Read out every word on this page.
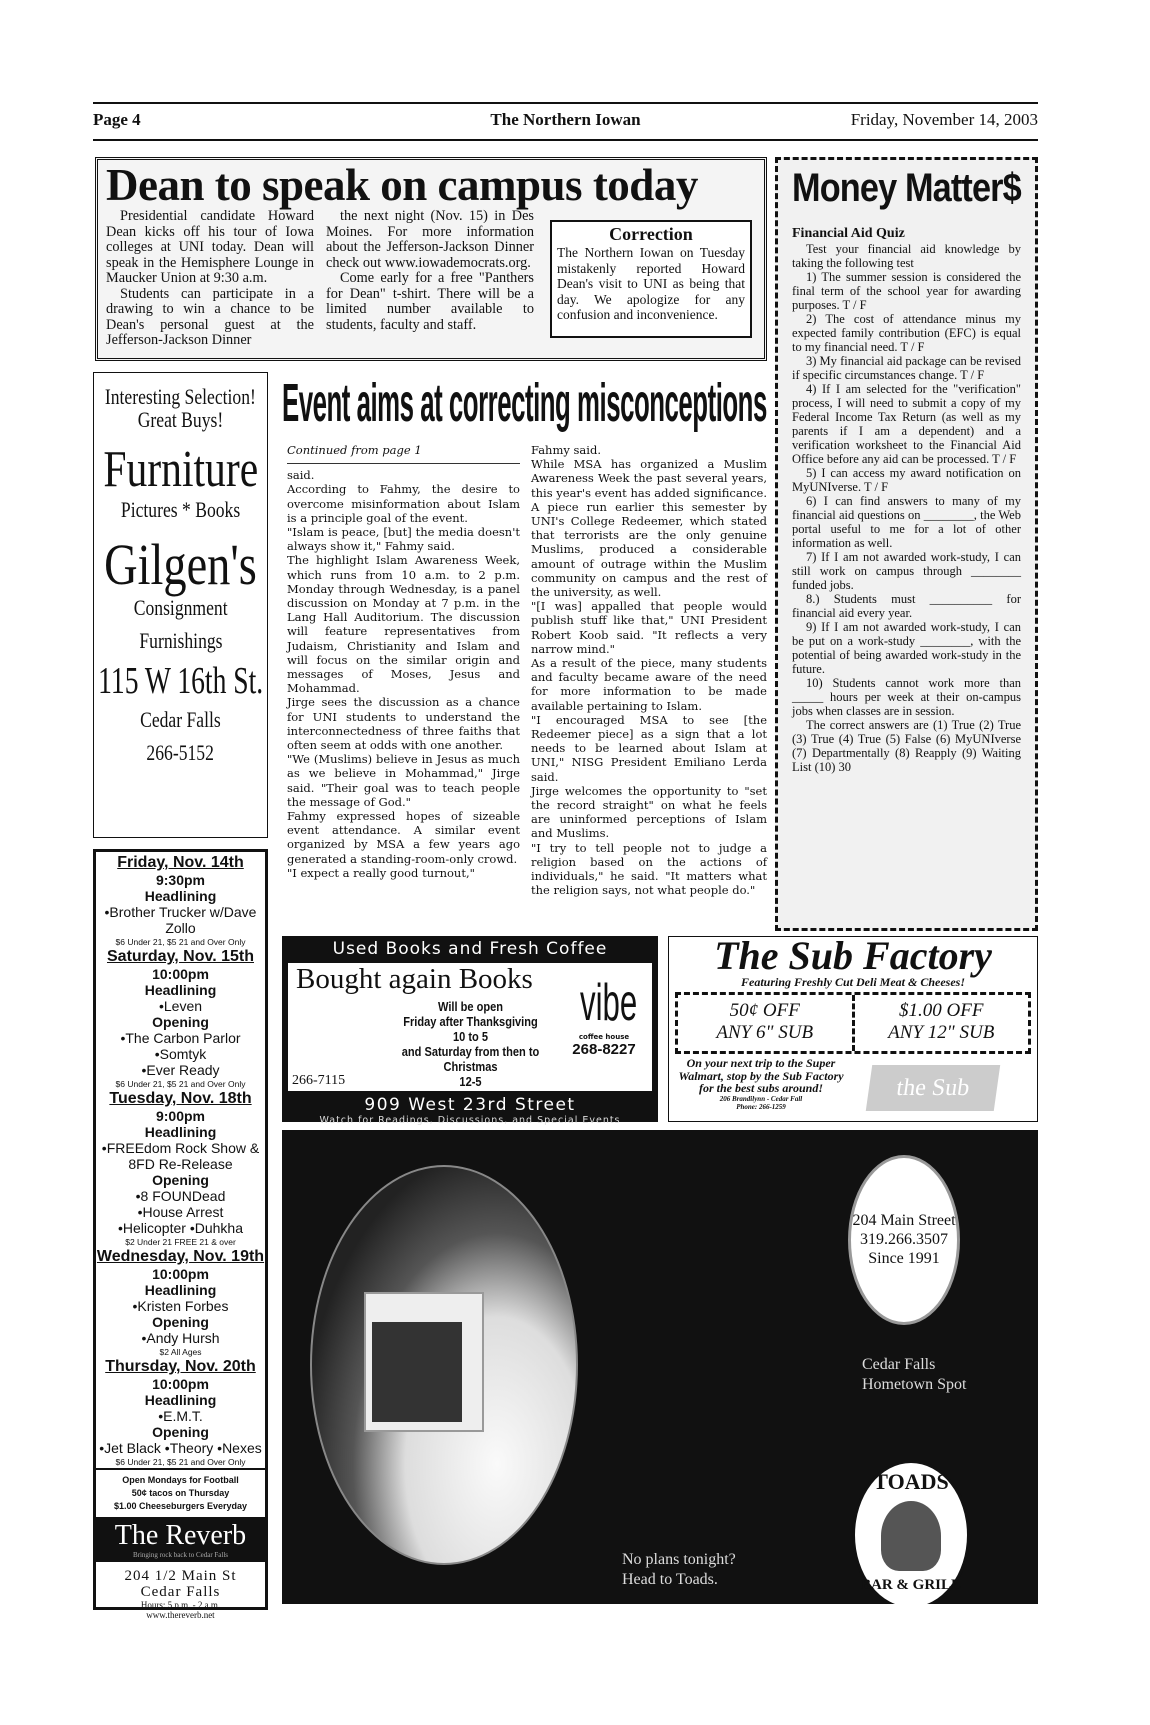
Page 4	The Northern Iowan	Friday, November 14, 2003
Dean to speak on campus today

Presidential candidate Howard Dean kicks off his tour of Iowa colleges at UNI today. Dean will speak in the Hemisphere Lounge in Maucker Union at 9:30 a.m.

Students can participate in a drawing to win a chance to be Dean's personal guest at the Jefferson-Jackson Dinner

the next night (Nov. 15) in Des Moines. For more information about the Jefferson-Jackson Dinner check out www.iowademocrats.org.

Come early for a free "Panthers for Dean" t-shirt. There will be a limited number available to students, faculty and staff.

Correction

The Northern Iowan on Tuesday mistakenly reported Howard Dean's visit to UNI as being that day. We apologize for any confusion and inconvenience.

Money Matter$
Financial Aid Quiz

Test your financial aid knowledge by taking the following test

1) The summer session is considered the final term of the school year for awarding purposes. T / F

2) The cost of attendance minus my expected family contribution (EFC) is equal to my financial need. T / F

3) My financial aid package can be revised if specific circumstances change. T / F

4) If I am selected for the "verification" process, I will need to submit a copy of my Federal Income Tax Return (as well as my parents if I am a dependent) and a verification worksheet to the Financial Aid Office before any aid can be processed. T / F

5) I can access my award notification on MyUNIverse. T / F

6) I can find answers to many of my financial aid questions on ________, the Web portal useful to me for a lot of other information as well.

7) If I am not awarded work-study, I can still work on campus through ________ funded jobs.

8.) Students must __________ for financial aid every year.

9) If I am not awarded work-study, I can be put on a work-study ________, with the potential of being awarded work-study in the future.

10) Students cannot work more than _____ hours per week at their on-campus jobs when classes are in session.

The correct answers are (1) True (2) True (3) True (4) True (5) False (6) MyUNIverse (7) Departmentally (8) Reapply (9) Waiting List (10) 30

Interesting Selection!
Great Buys!
Furniture
Pictures * Books
Gilgen's
Consignment
Furnishings
115 W 16th St.
Cedar Falls
266-5152
Friday, Nov. 14th
9:30pm
Headlining
•Brother Trucker w/Dave Zollo
$6 Under 21, $5 21 and Over Only
Saturday, Nov. 15th
10:00pm
Headlining
•Leven
Opening
•The Carbon Parlor
•Somtyk
•Ever Ready
$6 Under 21, $5 21 and Over Only
Tuesday, Nov. 18th
9:00pm
Headlining
•FREEdom Rock Show & 8FD Re-Release
Opening
•8 FOUNDead
•House Arrest
•Helicopter •Duhkha
$2 Under 21 FREE 21 & over
Wednesday, Nov. 19th
10:00pm
Headlining
•Kristen Forbes
Opening
•Andy Hursh
$2 All Ages
Thursday, Nov. 20th
10:00pm
Headlining
•E.M.T.
Opening
•Jet Black •Theory •Nexes
$6 Under 21, $5 21 and Over Only
Open Mondays for Football
50¢ tacos on Thursday
$1.00 Cheeseburgers Everyday
The Reverb
Bringing rock back to Cedar Falls
204 1/2 Main St
Cedar Falls
Hours: 5 p.m. - 2 a.m.
www.thereverb.net
Event aims at correcting misconceptions

Continued from page 1

said.

According to Fahmy, the desire to overcome misinformation about Islam is a principle goal of the event.

"Islam is peace, [but] the media doesn't always show it," Fahmy said.

The highlight Islam Awareness Week, which runs from 10 a.m. to 2 p.m. Monday through Wednesday, is a panel discussion on Monday at 7 p.m. in the Lang Hall Auditorium. The discussion will feature representatives from Judaism, Christianity and Islam and will focus on the similar origin and messages of Moses, Jesus and Mohammad.

Jirge sees the discussion as a chance for UNI students to understand the interconnectedness of three faiths that often seem at odds with one another.

"We (Muslims) believe in Jesus as much as we believe in Mohammad," Jirge said. "Their goal was to teach people the message of God."

Fahmy expressed hopes of sizeable event attendance. A similar event organized by MSA a few years ago generated a standing-room-only crowd.

"I expect a really good turnout,"

Fahmy said.

While MSA has organized a Muslim Awareness Week the past several years, this year's event has added significance. A piece run earlier this semester by UNI's College Redeemer, which stated that terrorists are the only genuine Muslims, produced a considerable amount of outrage within the Muslim community on campus and the rest of the university, as well.

"[I was] appalled that people would publish stuff like that," UNI President Robert Koob said. "It reflects a very narrow mind."

As a result of the piece, many students and faculty became aware of the need for more information to be made available pertaining to Islam.

"I encouraged MSA to see [the Redeemer piece] as a sign that a lot needs to be learned about Islam at UNI," NISG President Emiliano Lerda said.

Jirge welcomes the opportunity to "set the record straight" on what he feels are uninformed perceptions of Islam and Muslims.

"I try to tell people not to judge a religion based on the actions of individuals," he said. "It matters what the religion says, not what people do."

Used Books and Fresh Coffee
Bought again Books
Will be open
Friday after Thanksgiving
10 to 5
and Saturday from then to
Christmas
12-5
266-7115
vibe
coffee house
268-8227
909 West 23rd Street
Watch for Readings, Discussions, and Special Events
The Sub Factory
Featuring Freshly Cut Deli Meat & Cheeses!
50¢ OFF
ANY 6" SUB
$1.00 OFF
ANY 12" SUB
On your next trip to the Super Walmart, stop by the Sub Factory for the best subs around!
206 Brandilynn - Cedar Fall
Phone: 266-1259
the Sub
204 Main Street
319.266.3507
Since 1991
Cedar Falls
Hometown Spot
No plans tonight?
Head to Toads.
TOADS
BAR & GRILL
